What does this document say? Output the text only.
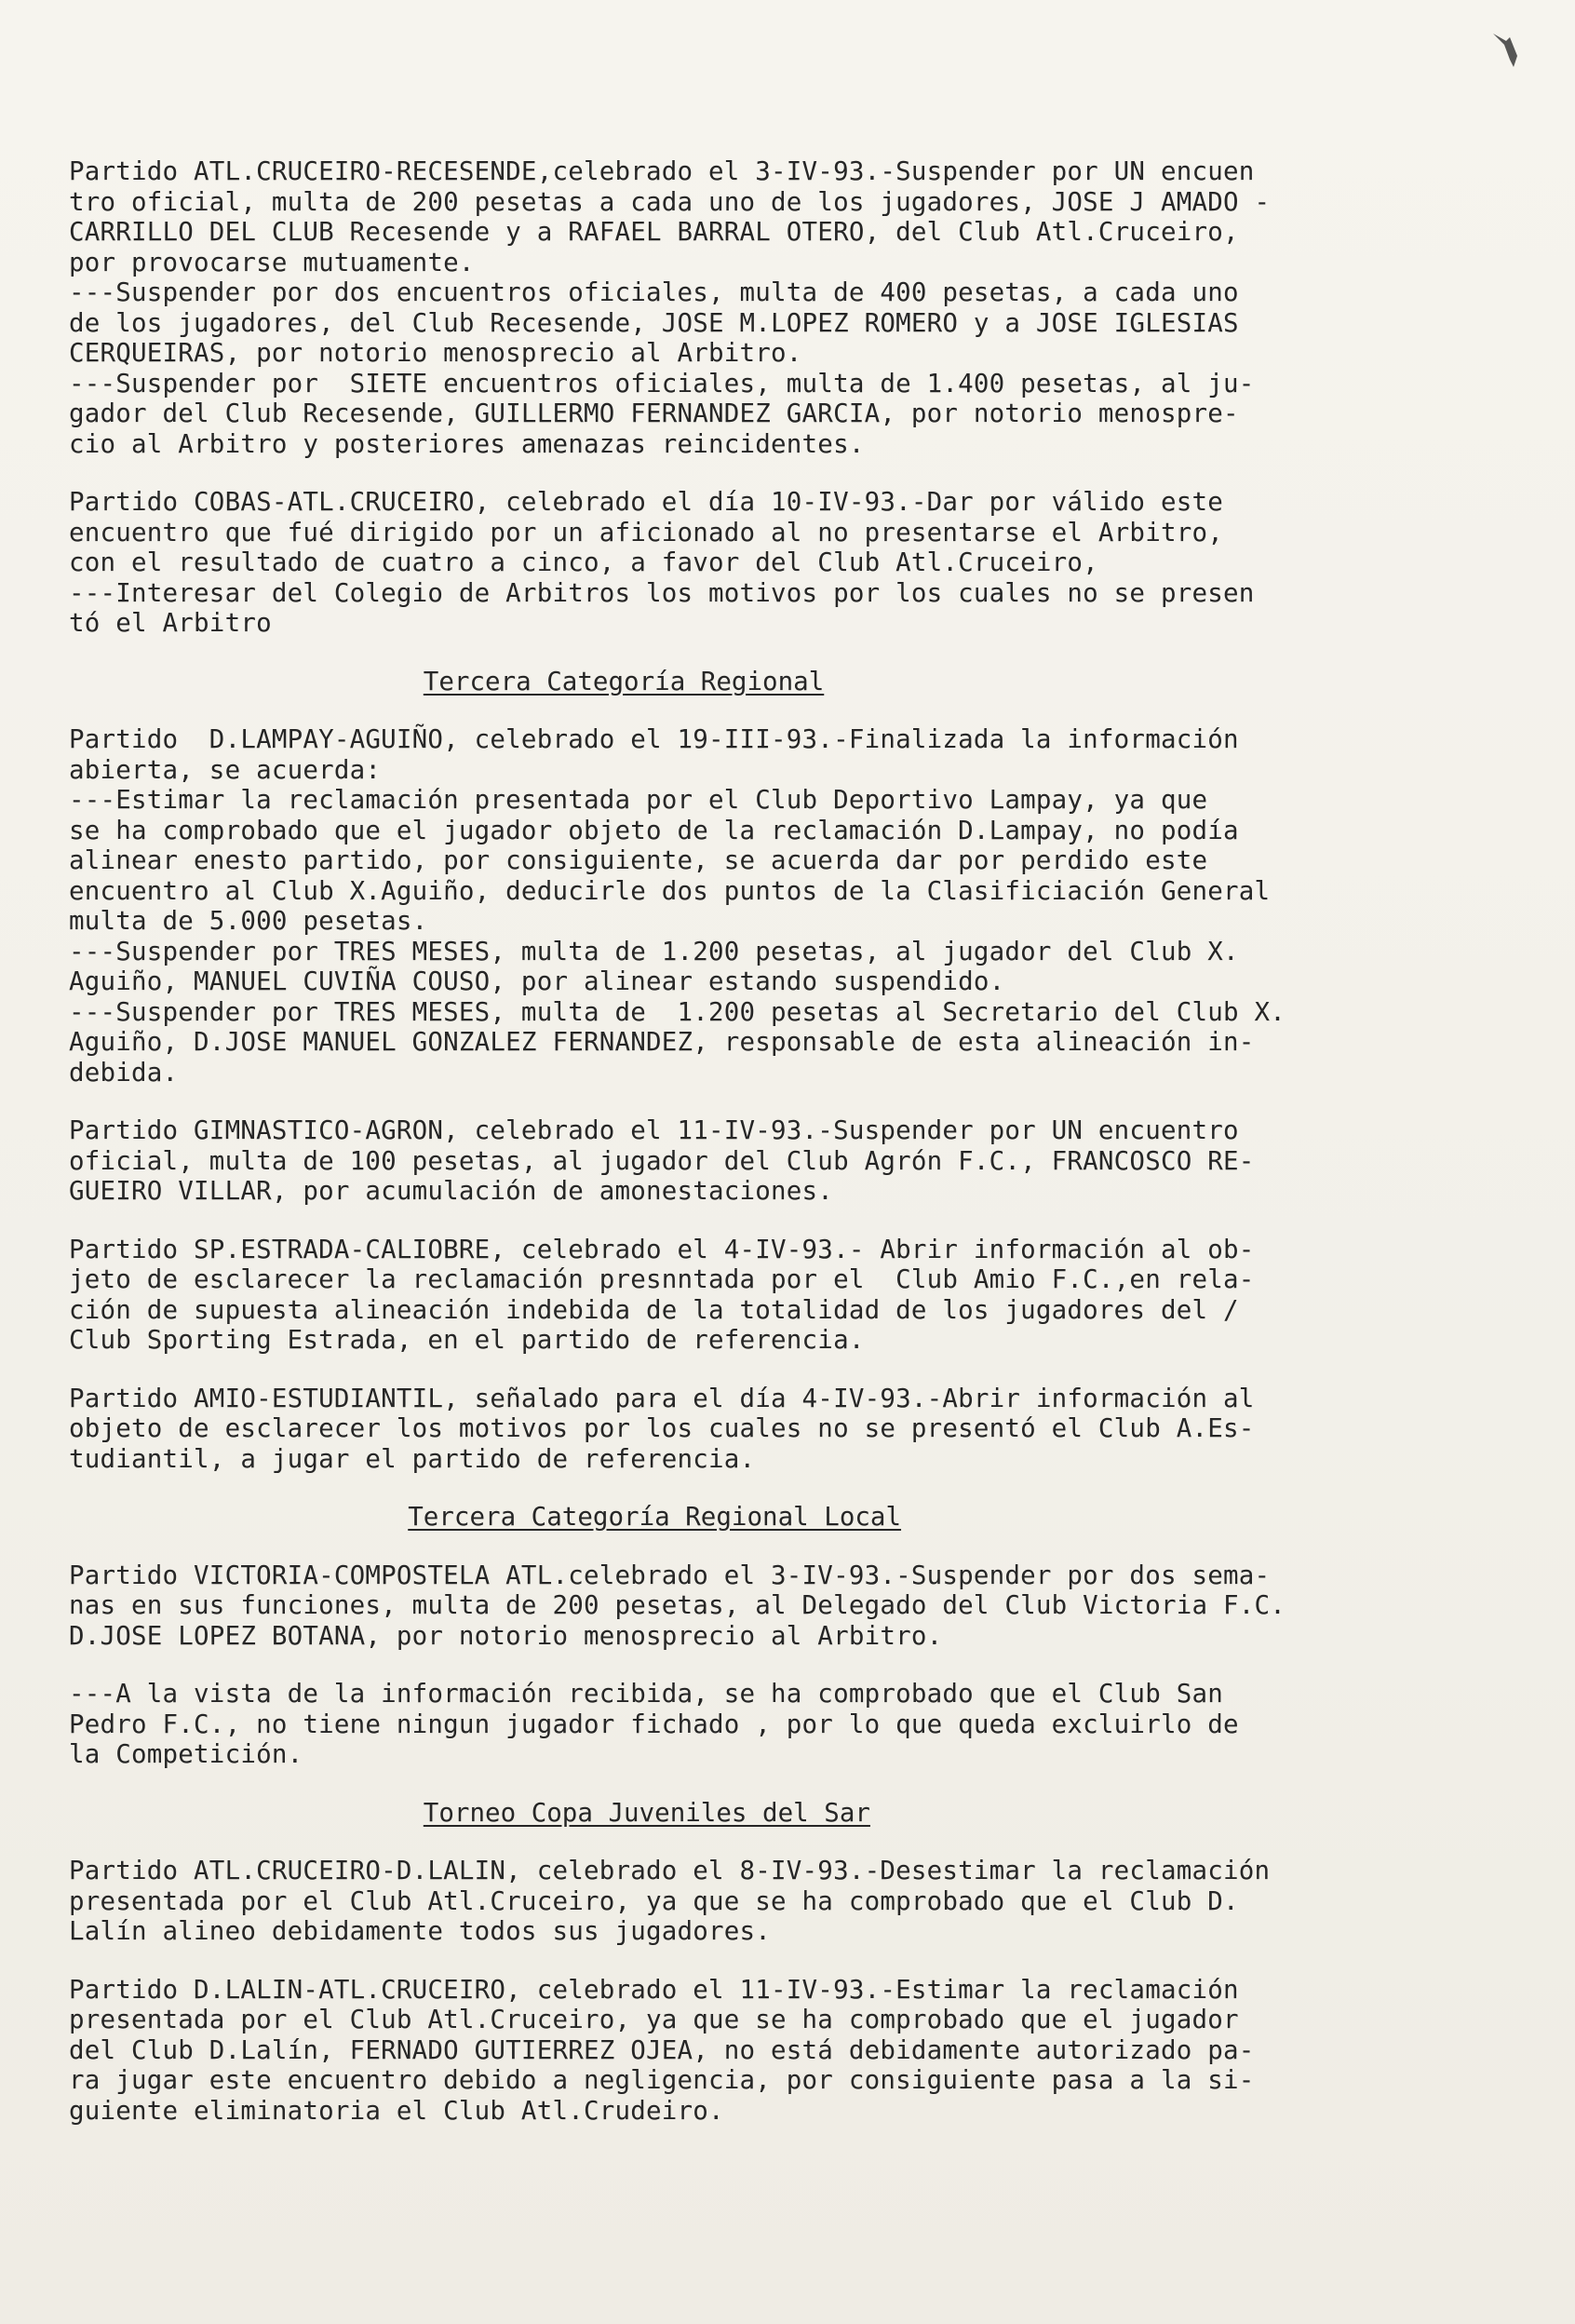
Partido ATL.CRUCEIRO-RECESENDE,celebrado el 3-IV-93.-Suspender por UN encuen
tro oficial, multa de 200 pesetas a cada uno de los jugadores, JOSE J AMADO -
CARRILLO DEL CLUB Recesende y a RAFAEL BARRAL OTERO, del Club Atl.Cruceiro,
por provocarse mutuamente.
---Suspender por dos encuentros oficiales, multa de 400 pesetas, a cada uno
de los jugadores, del Club Recesende, JOSE M.LOPEZ ROMERO y a JOSE IGLESIAS
CERQUEIRAS, por notorio menosprecio al Arbitro.
---Suspender por  SIETE encuentros oficiales, multa de 1.400 pesetas, al ju-
gador del Club Recesende, GUILLERMO FERNANDEZ GARCIA, por notorio menospre-
cio al Arbitro y posteriores amenazas reincidentes.
Partido COBAS-ATL.CRUCEIRO, celebrado el día 10-IV-93.-Dar por válido este
encuentro que fué dirigido por un aficionado al no presentarse el Arbitro,
con el resultado de cuatro a cinco, a favor del Club Atl.Cruceiro,
---Interesar del Colegio de Arbitros los motivos por los cuales no se presen
tó el Arbitro
Tercera Categoría Regional
Partido  D.LAMPAY-AGUIÑO, celebrado el 19-III-93.-Finalizada la información
abierta, se acuerda:
---Estimar la reclamación presentada por el Club Deportivo Lampay, ya que
se ha comprobado que el jugador objeto de la reclamación D.Lampay, no podía
alinear enesto partido, por consiguiente, se acuerda dar por perdido este
encuentro al Club X.Aguiño, deducirle dos puntos de la Clasificiación General
multa de 5.000 pesetas.
---Suspender por TRES MESES, multa de 1.200 pesetas, al jugador del Club X.
Aguiño, MANUEL CUVIÑA COUSO, por alinear estando suspendido.
---Suspender por TRES MESES, multa de  1.200 pesetas al Secretario del Club X.
Aguiño, D.JOSE MANUEL GONZALEZ FERNANDEZ, responsable de esta alineación in-
debida.
Partido GIMNASTICO-AGRON, celebrado el 11-IV-93.-Suspender por UN encuentro
oficial, multa de 100 pesetas, al jugador del Club Agrón F.C., FRANCOSCO RE-
GUEIRO VILLAR, por acumulación de amonestaciones.
Partido SP.ESTRADA-CALIOBRE, celebrado el 4-IV-93.- Abrir información al ob-
jeto de esclarecer la reclamación presnntada por el  Club Amio F.C.,en rela-
ción de supuesta alineación indebida de la totalidad de los jugadores del /
Club Sporting Estrada, en el partido de referencia.
Partido AMIO-ESTUDIANTIL, señalado para el día 4-IV-93.-Abrir información al
objeto de esclarecer los motivos por los cuales no se presentó el Club A.Es-
tudiantil, a jugar el partido de referencia.
Tercera Categoría Regional Local
Partido VICTORIA-COMPOSTELA ATL.celebrado el 3-IV-93.-Suspender por dos sema-
nas en sus funciones, multa de 200 pesetas, al Delegado del Club Victoria F.C.
D.JOSE LOPEZ BOTANA, por notorio menosprecio al Arbitro.
---A la vista de la información recibida, se ha comprobado que el Club San
Pedro F.C., no tiene ningun jugador fichado , por lo que queda excluirlo de
la Competición.
Torneo Copa Juveniles del Sar
Partido ATL.CRUCEIRO-D.LALIN, celebrado el 8-IV-93.-Desestimar la reclamación
presentada por el Club Atl.Cruceiro, ya que se ha comprobado que el Club D.
Lalín alineo debidamente todos sus jugadores.
Partido D.LALIN-ATL.CRUCEIRO, celebrado el 11-IV-93.-Estimar la reclamación
presentada por el Club Atl.Cruceiro, ya que se ha comprobado que el jugador
del Club D.Lalín, FERNADO GUTIERREZ OJEA, no está debidamente autorizado pa-
ra jugar este encuentro debido a negligencia, por consiguiente pasa a la si-
guiente eliminatoria el Club Atl.Crudeiro.
